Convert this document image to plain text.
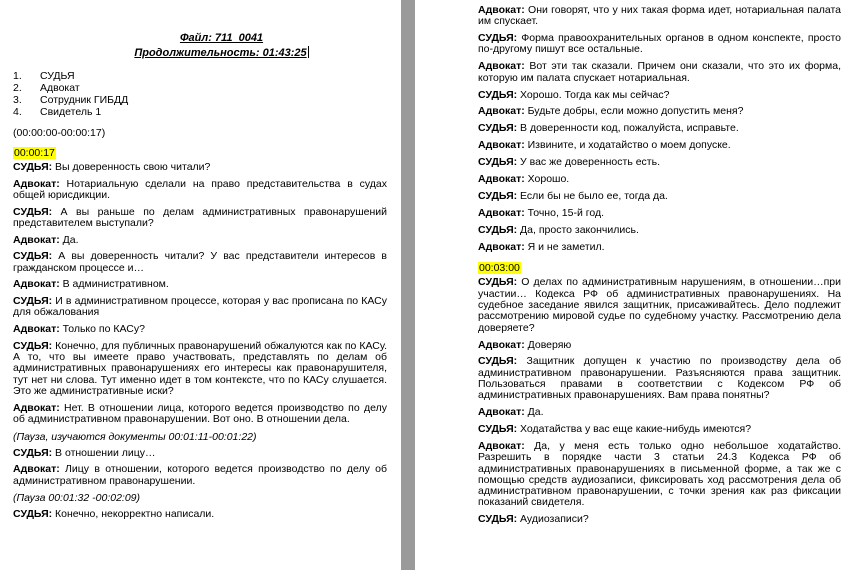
Файл: 711_0041
Продолжительность: 01:43:25
1.	СУДЬЯ
2.	Адвокат
3.	Сотрудник ГИБДД
4.	Свидетель 1
(00:00:00-00:00:17)
00:00:17
СУДЬЯ: Вы доверенность свою читали?
Адвокат: Нотариальную сделали на право представительства в судах общей юрисдикции.
СУДЬЯ: А вы раньше по делам административных правонарушений представителем выступали?
Адвокат: Да.
СУДЬЯ: А вы доверенность читали? У вас представители интересов в гражданском процессе и…
Адвокат: В административном.
СУДЬЯ: И в административном процессе, которая у вас прописана по КАСу для обжалования
Адвокат: Только по КАСу?
СУДЬЯ: Конечно, для публичных правонарушений обжалуются как по КАСу. А то, что вы имеете право участвовать, представлять по делам об административных правонарушениях его интересы как правонарушителя, тут нет ни слова. Тут именно идет в том контексте, что по КАСу слушается. Это же административные иски?
Адвокат: Нет. В отношении лица, которого ведется производство по делу об административном правонарушении. Вот оно. В отношении дела.
(Пауза, изучаются документы 00:01:11-00:01:22)
СУДЬЯ: В отношении лицу…
Адвокат: Лицу в отношении, которого ведется производство по делу об административном правонарушении.
(Пауза 00:01:32 -00:02:09)
СУДЬЯ: Конечно, некорректно написали.
Адвокат: Они говорят, что у них такая форма идет, нотариальная палата им спускает.
СУДЬЯ: Форма правоохранительных органов в одном конспекте, просто по-другому пишут все остальные.
Адвокат: Вот эти так сказали. Причем они сказали, что это их форма, которую им палата спускает нотариальная.
СУДЬЯ: Хорошо. Тогда как мы сейчас?
Адвокат: Будьте добры, если можно допустить меня?
СУДЬЯ: В доверенности код, пожалуйста, исправьте.
Адвокат: Извините, и ходатайство о моем допуске.
СУДЬЯ: У вас же доверенность есть.
Адвокат: Хорошо.
СУДЬЯ: Если бы не было ее, тогда да.
Адвокат: Точно, 15-й год.
СУДЬЯ: Да, просто закончились.
Адвокат: Я и не заметил.
00:03:00
СУДЬЯ: О делах по административным нарушениям, в отношении…при участии… Кодекса РФ об административных правонарушениях. На судебное заседание явился защитник, присаживайтесь. Дело подлежит рассмотрению мировой судье по судебному участку. Рассмотрению дела доверяете?
Адвокат: Доверяю
СУДЬЯ: Защитник допущен к участию по производству дела об административном правонарушении. Разъясняются права защитник. Пользоваться правами в соответствии с Кодексом РФ об административных правонарушениях. Вам права понятны?
Адвокат: Да.
СУДЬЯ: Ходатайства у вас еще какие-нибудь имеются?
Адвокат: Да, у меня есть только одно небольшое ходатайство. Разрешить в порядке части 3 статьи 24.3 Кодекса РФ об административных правонарушениях в письменной форме, а так же с помощью средств аудиозаписи, фиксировать ход рассмотрения дела об административном правонарушении, с точки зрения как раз фиксации показаний свидетеля.
СУДЬЯ: Аудиозаписи?
